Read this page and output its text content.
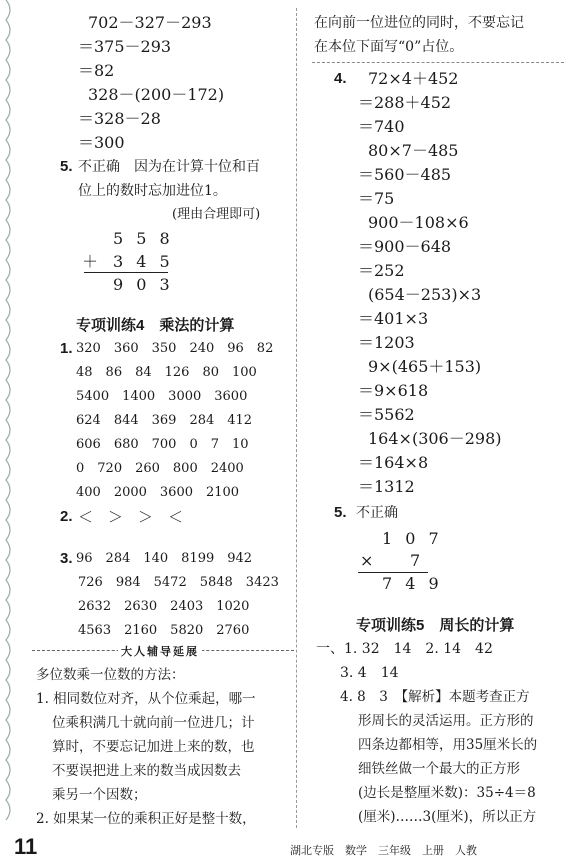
702－327－293
＝375－293
＝82
328－(200－172)
＝328－28
＝300
5. 不正确　因为在计算十位和百
位上的数时忘加进位1。
(理由合理即可)
5 5 8
＋ 3 4 5
9 0 3
专项训练4　乘法的计算
1. 320　360　350　240　96　82
48　86　84　126　80　100
5400　1400　3000　3600
624　844　369　284　412
606　680　700　0　7　10
0　720　260　800　2400
400　2000　3600　2100
2. ＜　＞　＞　＜
3. 96　284　140　8199　942
726　984　5472　5848　3423
2632　2630　2403　1020
4563　2160　5820　2760
大人辅导延展
多位数乘一位数的方法：
1. 相同数位对齐，从个位乘起，哪一
位乘积满几十就向前一位进几；计
算时，不要忘记加进上来的数，也
不要误把进上来的数当成因数去
乘另一个因数；
2. 如果某一位的乘积正好是整十数，
在向前一位进位的同时，不要忘记
在本位下面写“0”占位。
4. 72×4＋452
＝288＋452
＝740
80×7－485
＝560－485
＝75
900－108×6
＝900－648
＝252
(654－253)×3
＝401×3
＝1203
9×(465＋153)
＝9×618
＝5562
164×(306－298)
＝164×8
＝1312
5. 不正确
1 0 7
× 7
7 4 9
专项训练5　周长的计算
一、1. 32　14　2. 14　42
3. 4　14
4. 8　3　【解析】本题考查正方
形周长的灵活运用。正方形的
四条边都相等，用35厘米长的
细铁丝做一个最大的正方形
(边长是整厘米数)：35÷4＝8
(厘米)……3(厘米)，所以正方
11	湖北专版　数学　三年级　上册　人教
